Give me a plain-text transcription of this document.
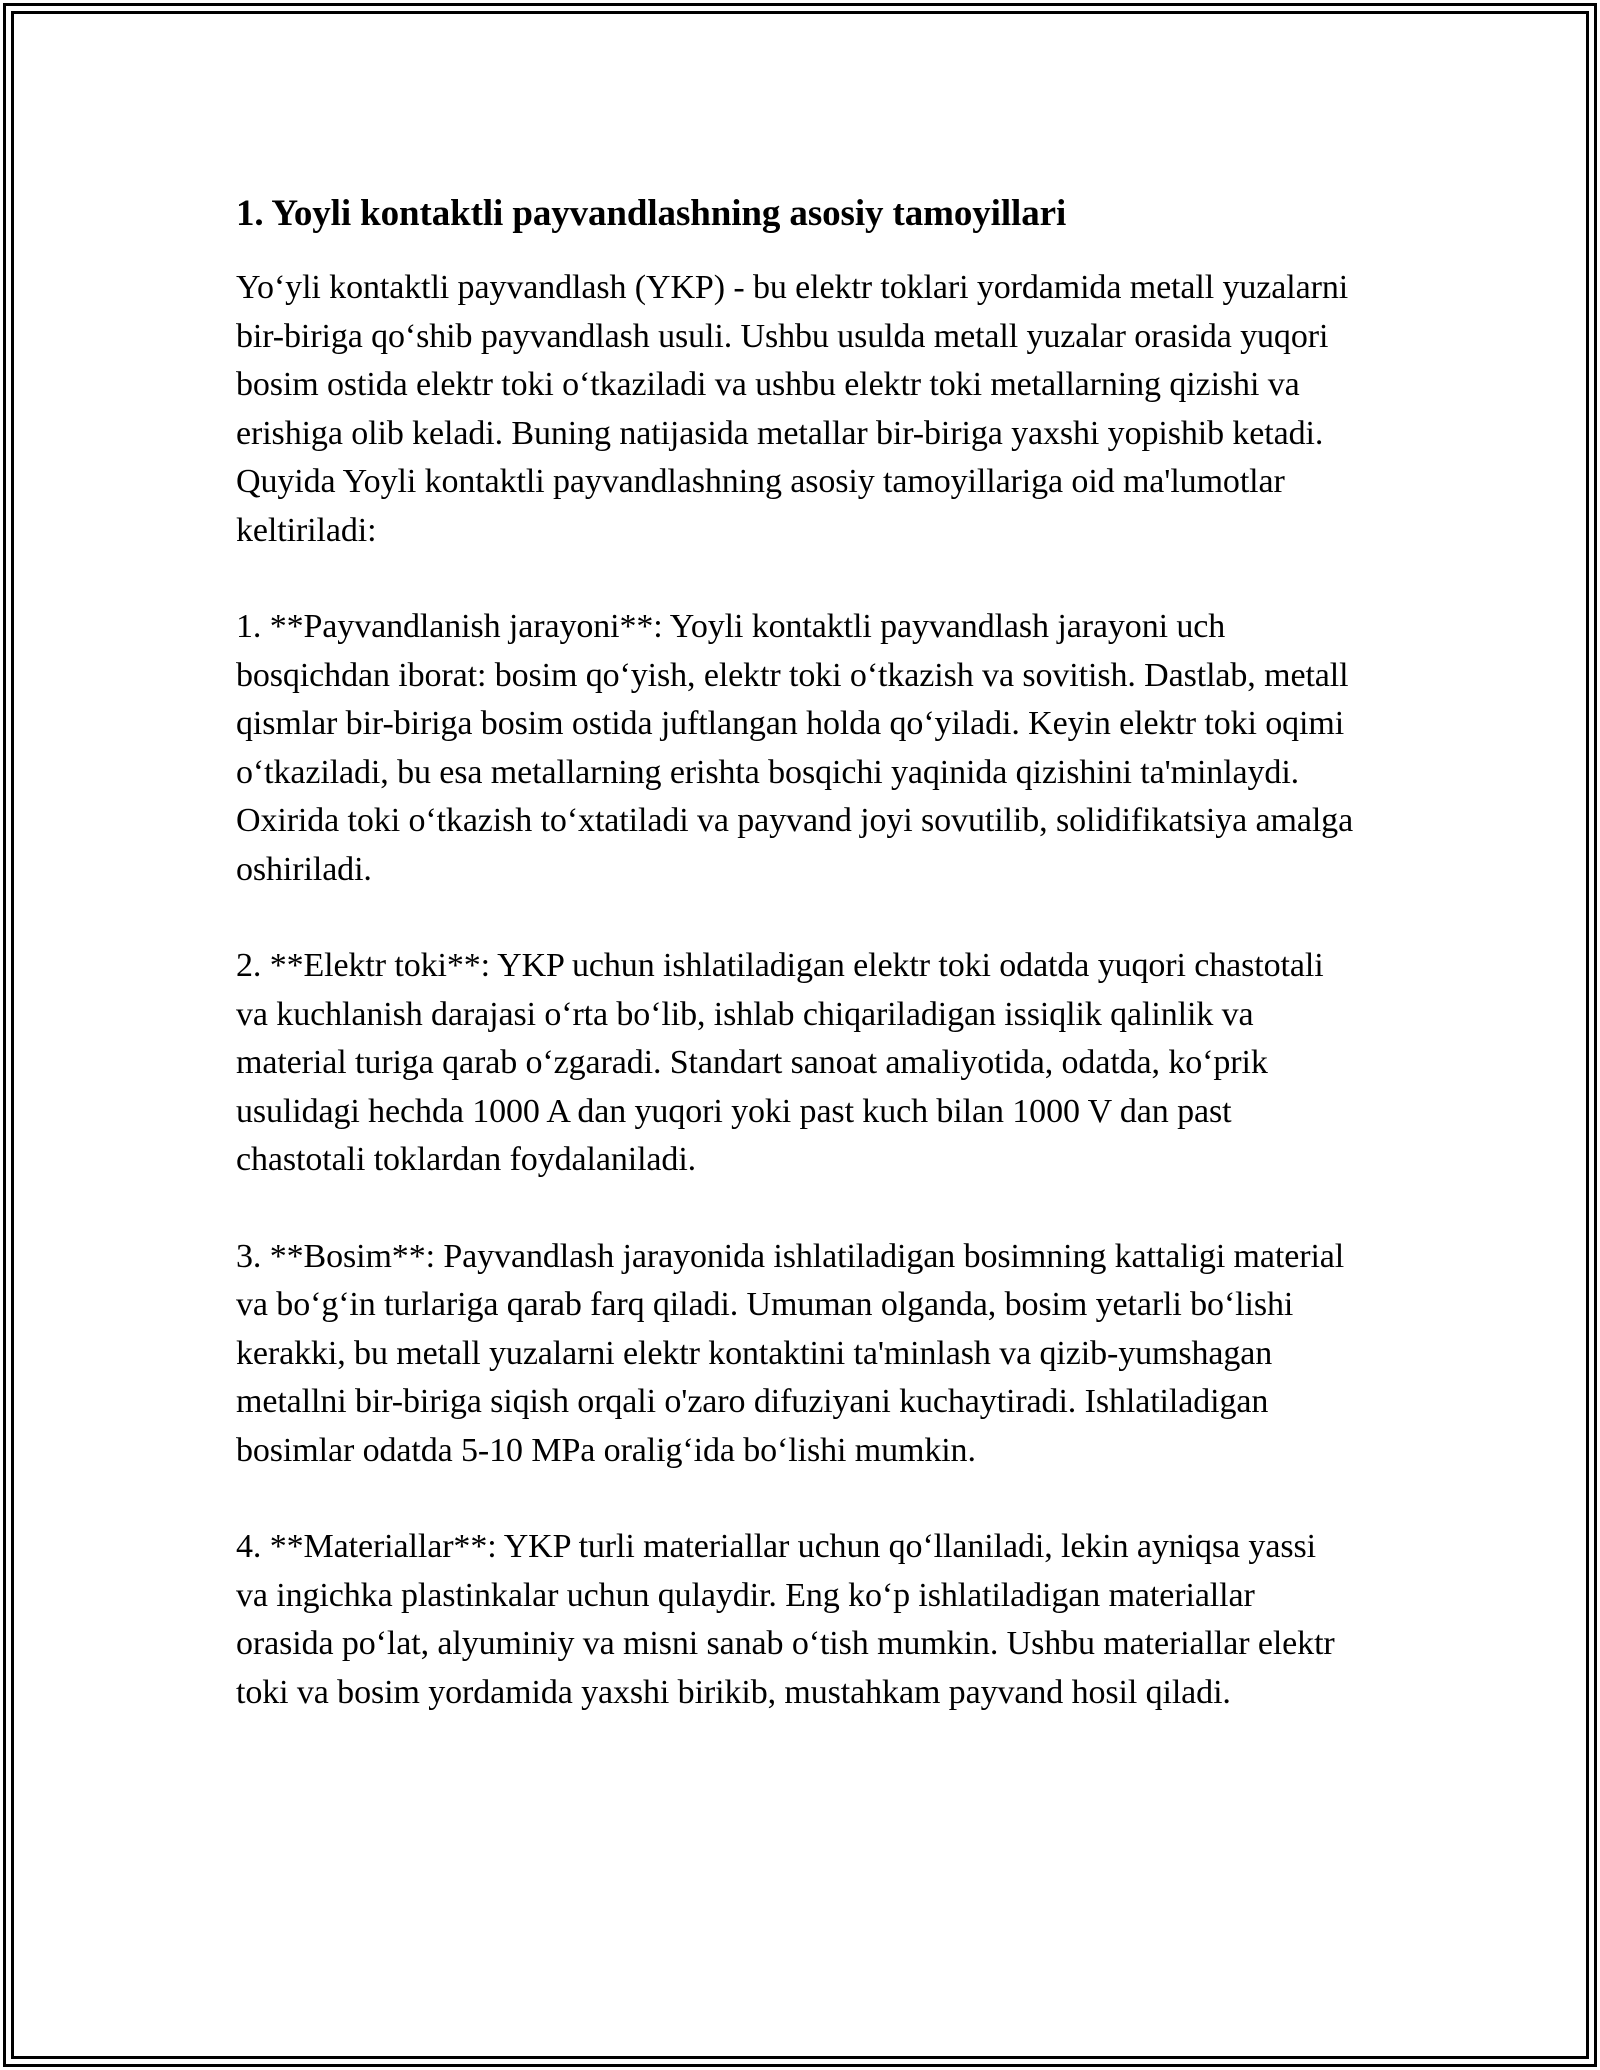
1. Yoyli kontaktli payvandlashning asosiy tamoyillari

Yo‘yli kontaktli payvandlash (YKP) - bu elektr toklari yordamida metall yuzalarni bir-biriga qo‘shib payvandlash usuli. Ushbu usulda metall yuzalar orasida yuqori bosim ostida elektr toki o‘tkaziladi va ushbu elektr toki metallarning qizishi va erishiga olib keladi. Buning natijasida metallar bir-biriga yaxshi yopishib ketadi. Quyida Yoyli kontaktli payvandlashning asosiy tamoyillariga oid ma'lumotlar keltiriladi:

1. **Payvandlanish jarayoni**: Yoyli kontaktli payvandlash jarayoni uch bosqichdan iborat: bosim qo‘yish, elektr toki o‘tkazish va sovitish. Dastlab, metall qismlar bir-biriga bosim ostida juftlangan holda qo‘yiladi. Keyin elektr toki oqimi o‘tkaziladi, bu esa metallarning erishta bosqichi yaqinida qizishini ta'minlaydi. Oxirida toki o‘tkazish to‘xtatiladi va payvand joyi sovutilib, solidifikatsiya amalga oshiriladi.

2. **Elektr toki**: YKP uchun ishlatiladigan elektr toki odatda yuqori chastotali va kuchlanish darajasi o‘rta bo‘lib, ishlab chiqariladigan issiqlik qalinlik va material turiga qarab o‘zgaradi. Standart sanoat amaliyotida, odatda, ko‘prik usulidagi hechda 1000 A dan yuqori yoki past kuch bilan 1000 V dan past chastotali toklardan foydalaniladi.

3. **Bosim**: Payvandlash jarayonida ishlatiladigan bosimning kattaligi material va bo‘g‘in turlariga qarab farq qiladi. Umuman olganda, bosim yetarli bo‘lishi kerakki, bu metall yuzalarni elektr kontaktini ta'minlash va qizib-yumshagan metallni bir-biriga siqish orqali o'zaro difuziyani kuchaytiradi. Ishlatiladigan bosimlar odatda 5-10 MPa oralig‘ida bo‘lishi mumkin.

4. **Materiallar**: YKP turli materiallar uchun qo‘llaniladi, lekin ayniqsa yassi va ingichka plastinkalar uchun qulaydir. Eng ko‘p ishlatiladigan materiallar orasida po‘lat, alyuminiy va misni sanab o‘tish mumkin. Ushbu materiallar elektr toki va bosim yordamida yaxshi birikib, mustahkam payvand hosil qiladi.
